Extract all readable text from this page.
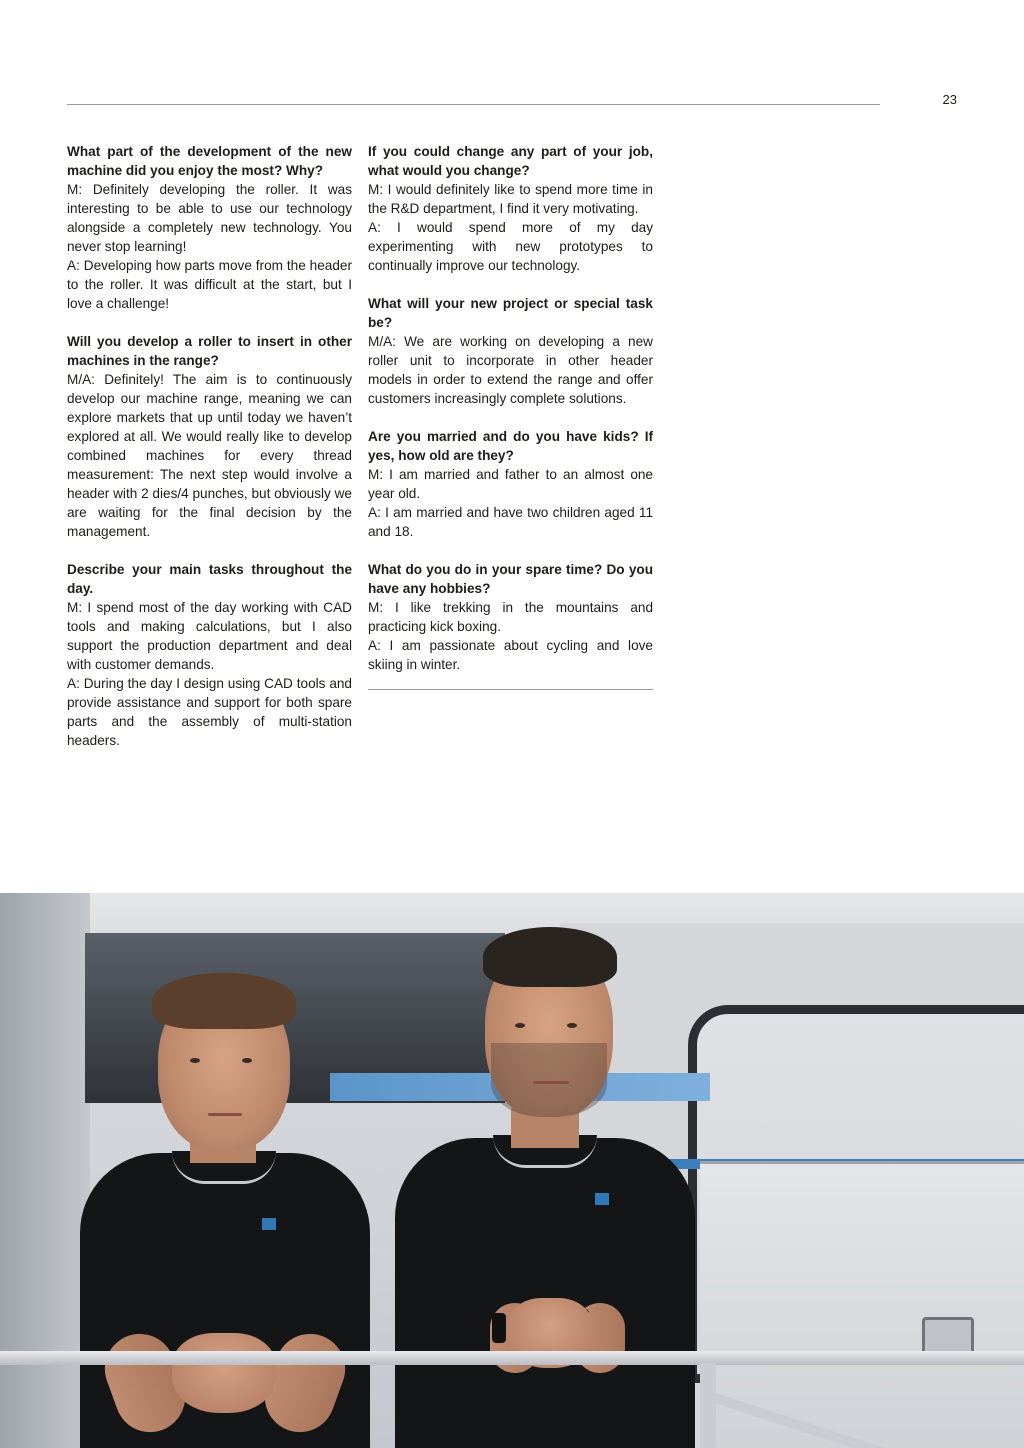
23

What part of the development of the new machine did you enjoy the most? Why?

M: Definitely developing the roller. It was interesting to be able to use our technology alongside a completely new technology. You never stop learning!

A: Developing how parts move from the header to the roller. It was difficult at the start, but I love a challenge!

Will you develop a roller to insert in other machines in the range?

M/A: Definitely! The aim is to continuously develop our machine range, meaning we can explore markets that up until today we haven’t explored at all. We would really like to develop combined machines for every thread measurement: The next step would involve a header with 2 dies/4 punches, but obviously we are waiting for the final decision by the management.

Describe your main tasks throughout the day.

M: I spend most of the day working with CAD tools and making calculations, but I also support the production department and deal with customer demands.

A: During the day I design using CAD tools and provide assistance and support for both spare parts and the assembly of multi-station headers.

If you could change any part of your job, what would you change?

M: I would definitely like to spend more time in the R&D department, I find it very motivating.

A: I would spend more of my day experimenting with new prototypes to continually improve our technology.

What will your new project or special task be?

M/A: We are working on developing a new roller unit to incorporate in other header models in order to extend the range and offer customers increasingly complete solutions.

Are you married and do you have kids? If yes, how old are they?

M: I am married and father to an almost one year old.

A: I am married and have two children aged 11 and 18.

What do you do in your spare time? Do you have any hobbies?

M: I like trekking in the mountains and practicing kick boxing.

A: I am passionate about cycling and love skiing in winter.
